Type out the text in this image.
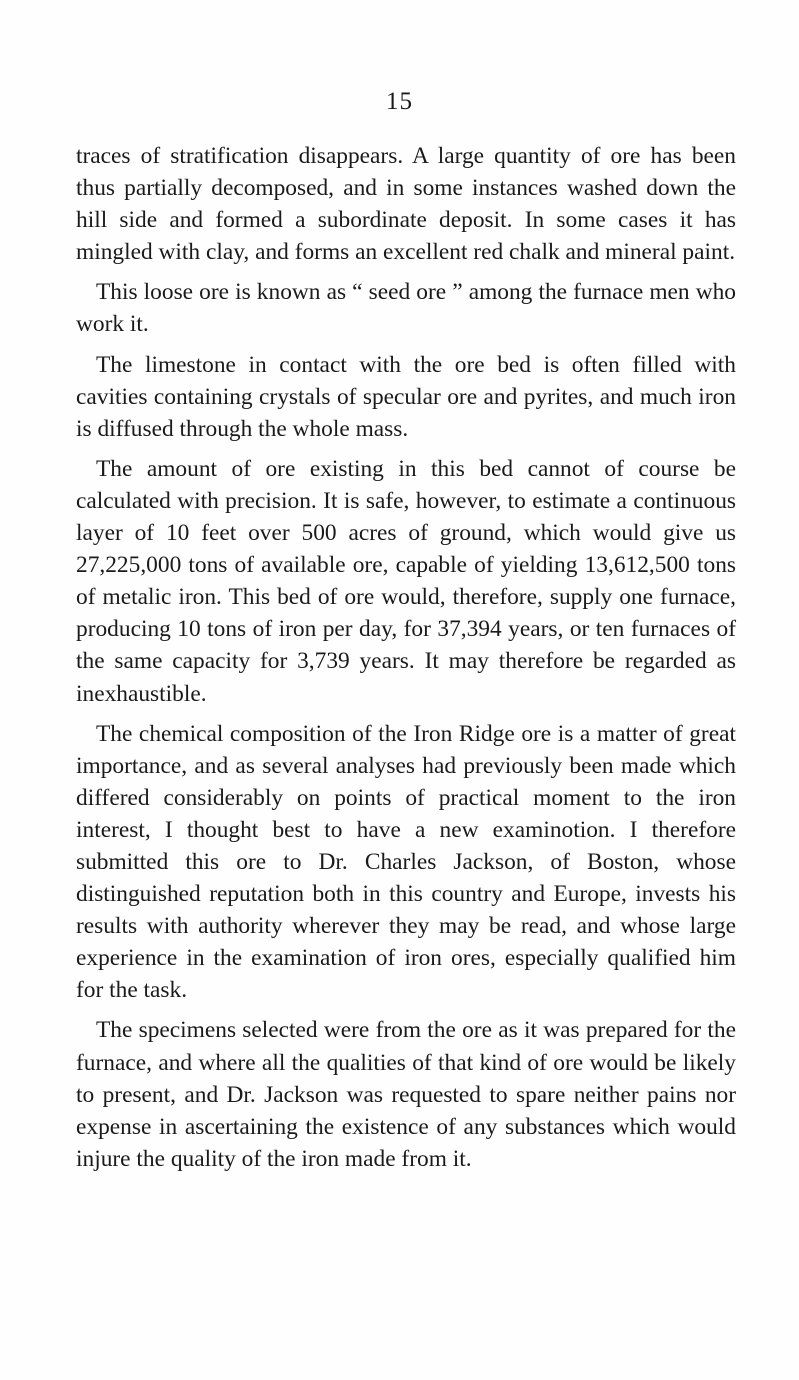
15

traces of stratification disappears. A large quantity of ore has been thus partially decomposed, and in some instances washed down the hill side and formed a subordinate deposit. In some cases it has mingled with clay, and forms an excellent red chalk and mineral paint.

This loose ore is known as “ seed ore ” among the furnace men who work it.

The limestone in contact with the ore bed is often filled with cavities containing crystals of specular ore and pyrites, and much iron is diffused through the whole mass.

The amount of ore existing in this bed cannot of course be calculated with precision. It is safe, however, to estimate a continuous layer of 10 feet over 500 acres of ground, which would give us 27,225,000 tons of available ore, capable of yielding 13,612,500 tons of metalic iron. This bed of ore would, therefore, supply one furnace, producing 10 tons of iron per day, for 37,394 years, or ten furnaces of the same capacity for 3,739 years. It may therefore be regarded as inexhaustible.

The chemical composition of the Iron Ridge ore is a matter of great importance, and as several analyses had previously been made which differed considerably on points of practical moment to the iron interest, I thought best to have a new examinotion. I therefore submitted this ore to Dr. Charles Jackson, of Boston, whose distinguished reputation both in this country and Europe, invests his results with authority wherever they may be read, and whose large experience in the examination of iron ores, especially qualified him for the task.

The specimens selected were from the ore as it was prepared for the furnace, and where all the qualities of that kind of ore would be likely to present, and Dr. Jackson was requested to spare neither pains nor expense in ascertaining the existence of any substances which would injure the quality of the iron made from it.
